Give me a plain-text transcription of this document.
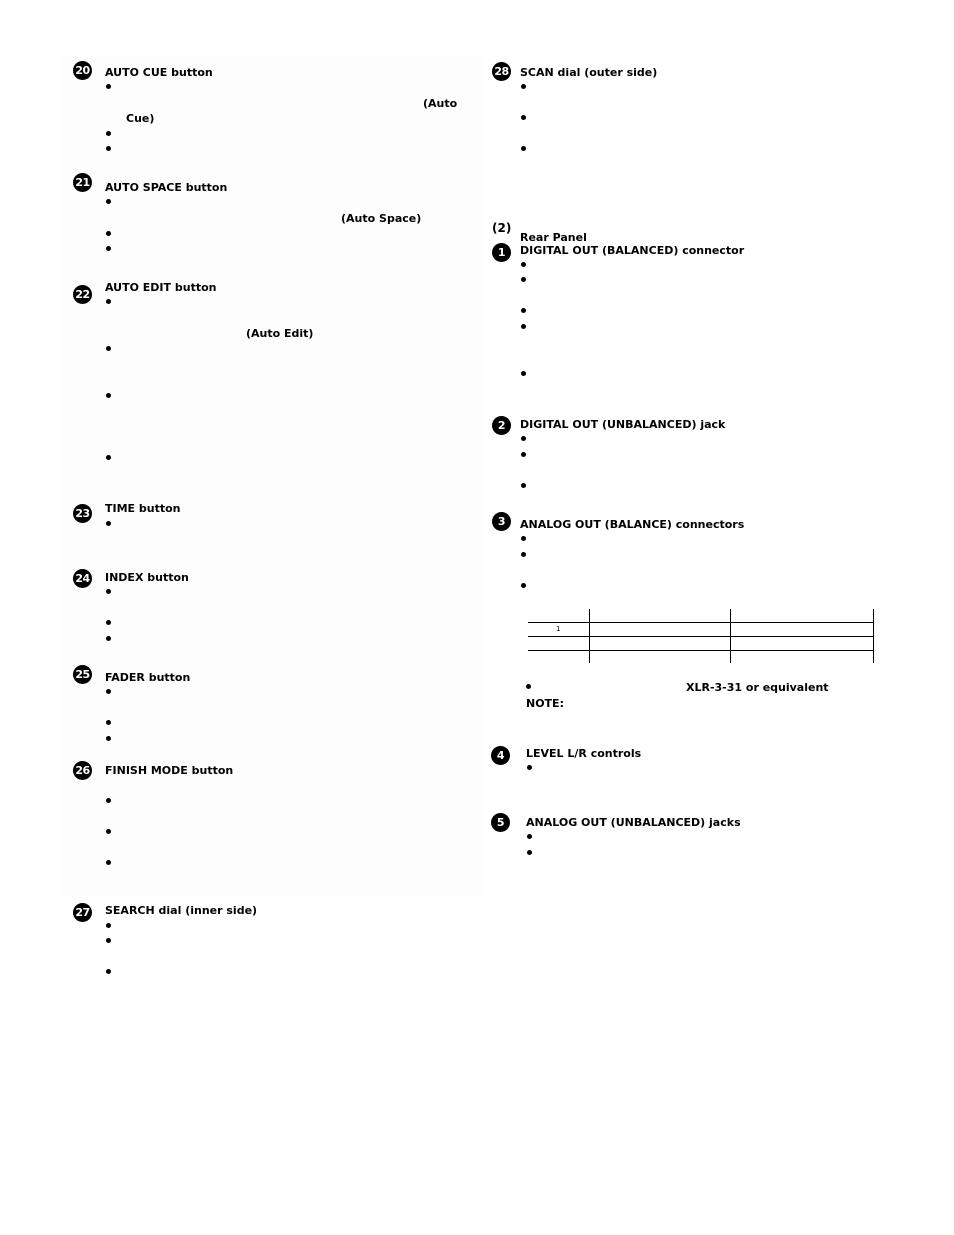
20 AUTO CUE button
(Auto
Cue)
21 AUTO SPACE button
(Auto Space)
22
AUTO EDIT button
(Auto Edit)
23 TIME button
24 INDEX button
25 FADER button
26 FINISH MODE button
27 SEARCH dial (inner side)
28 SCAN dial (outer side)
(2)
Rear Panel
1	DIGITAL OUT (BALANCED) connector
2	DIGITAL OUT (UNBALANCED) jack
3	ANALOG OUT (BALANCE) connectors
1
XLR-3-31 or equivalent
NOTE:
4	LEVEL L/R controls
5	ANALOG OUT (UNBALANCED) jacks
